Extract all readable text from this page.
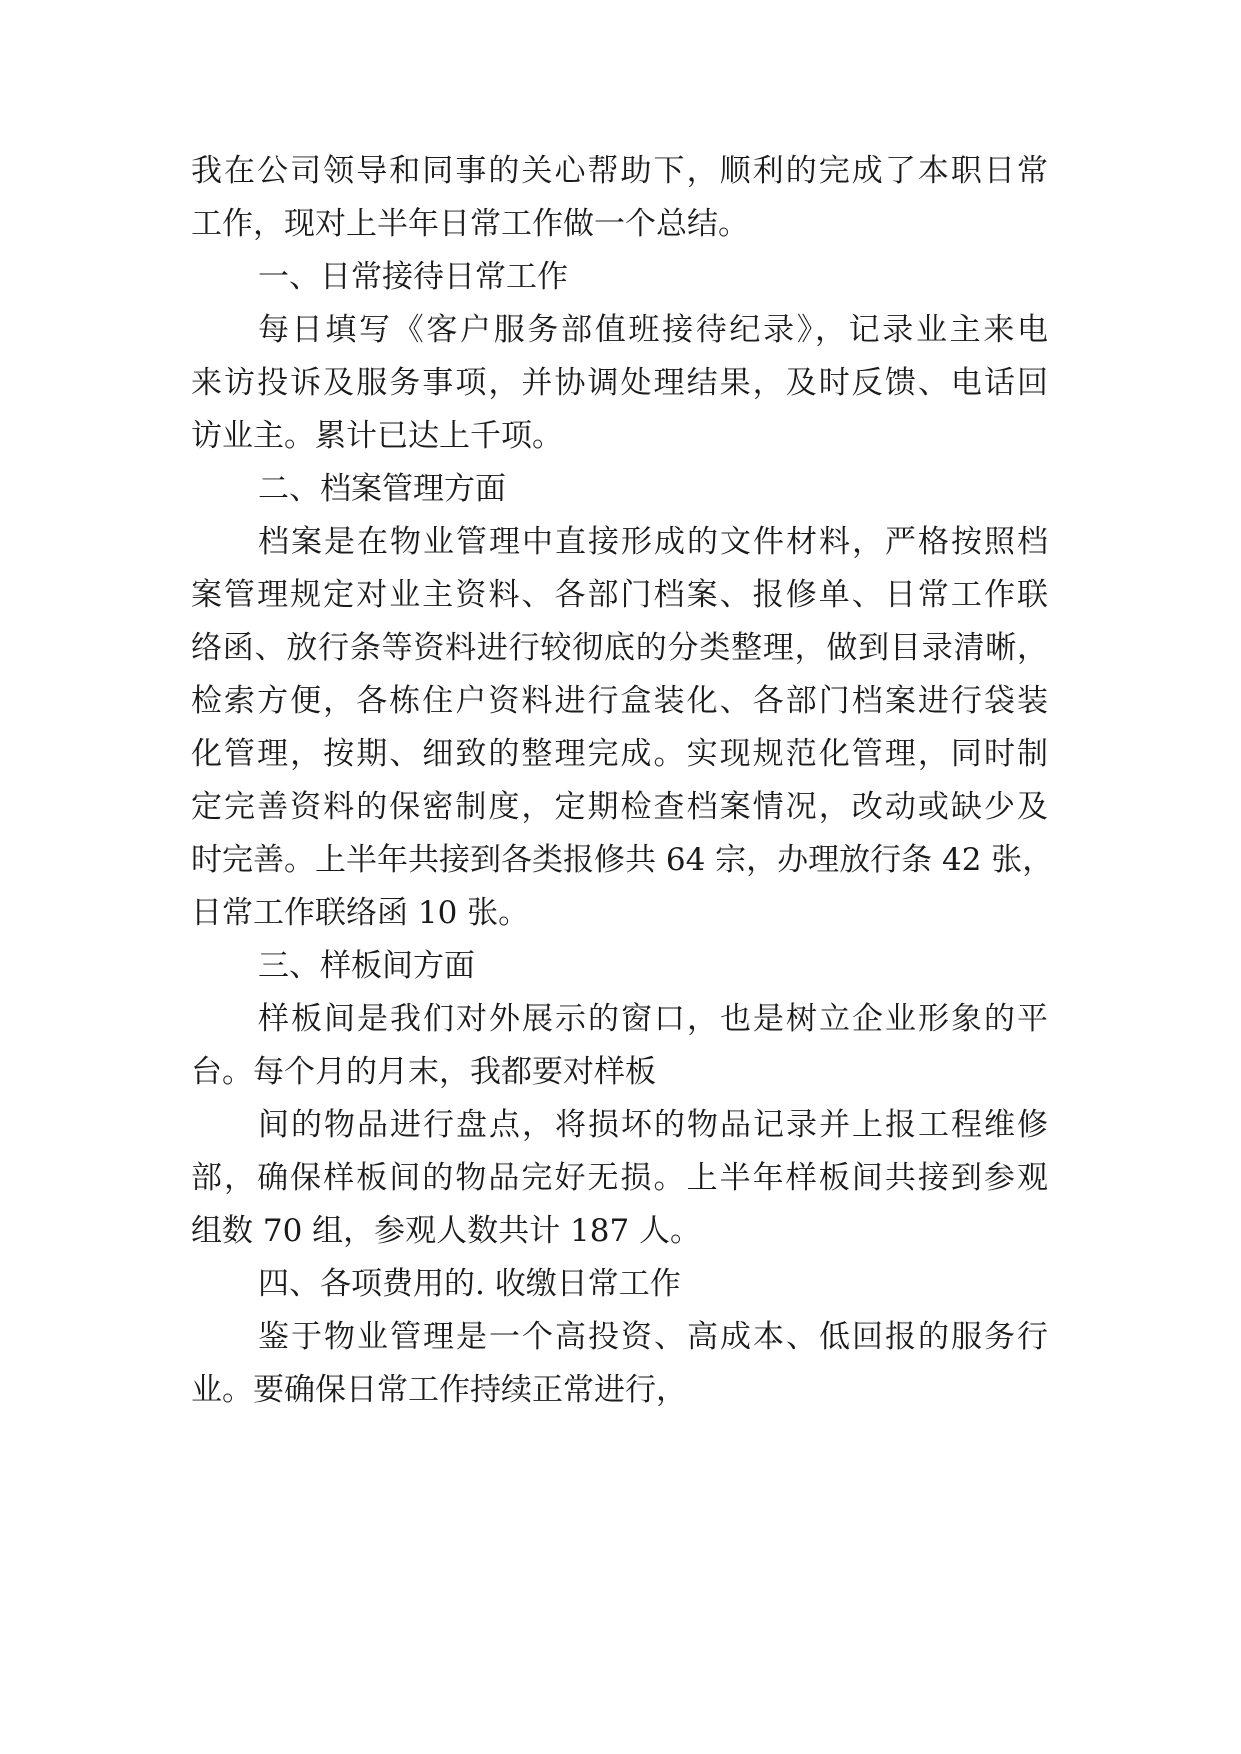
我在公司领导和同事的关心帮助下，顺利的完成了本职日常

工作，现对上半年日常工作做一个总结。

一、日常接待日常工作

每日填写《客户服务部值班接待纪录》，记录业主来电

来访投诉及服务事项，并协调处理结果，及时反馈、电话回

访业主。累计已达上千项。

二、档案管理方面

档案是在物业管理中直接形成的文件材料，严格按照档

案管理规定对业主资料、各部门档案、报修单、日常工作联

络函、放行条等资料进行较彻底的分类整理，做到目录清晰，

检索方便，各栋住户资料进行盒装化、各部门档案进行袋装

化管理，按期、细致的整理完成。实现规范化管理，同时制

定完善资料的保密制度，定期检查档案情况，改动或缺少及

时完善。上半年共接到各类报修共 64 宗，办理放行条 42 张，

日常工作联络函 10 张。

三、样板间方面

样板间是我们对外展示的窗口，也是树立企业形象的平

台。每个月的月末，我都要对样板

间的物品进行盘点，将损坏的物品记录并上报工程维修

部，确保样板间的物品完好无损。上半年样板间共接到参观

组数 70 组，参观人数共计 187 人。

四、各项费用的. 收缴日常工作

鉴于物业管理是一个高投资、高成本、低回报的服务行

业。要确保日常工作持续正常进行，
